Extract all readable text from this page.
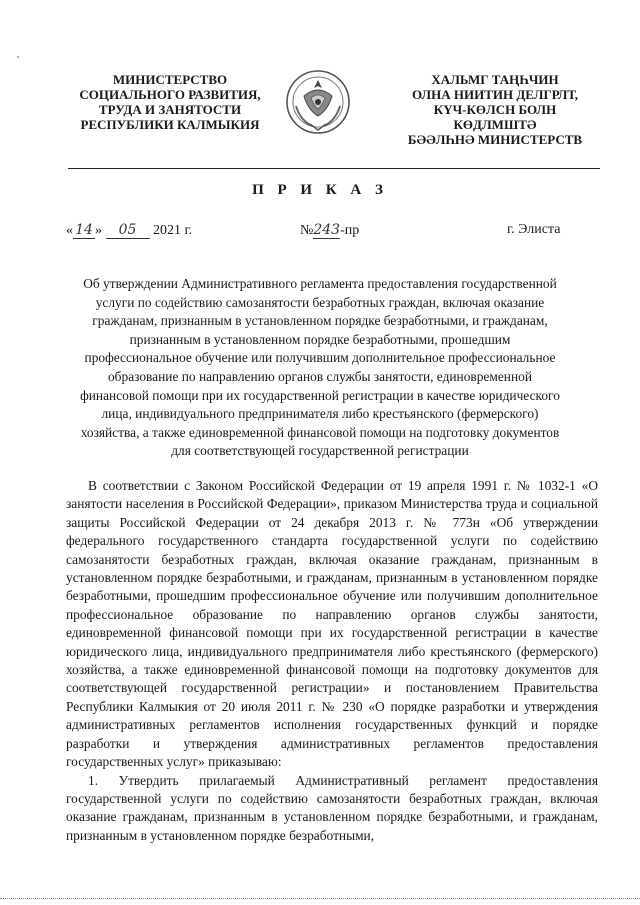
МИНИСТЕРСТВО
СОЦИАЛЬНОГО РАЗВИТИЯ,
ТРУДА И ЗАНЯТОСТИ
РЕСПУБЛИКИ КАЛМЫКИЯ
ХАЛЬМГ ТАҢҺЧИН
ОЛНА НИИТИН ДЕЛГРЛТ,
КҮЧ-КӨЛСН БОЛН
КӨДЛМШТӘ
БӘӘЛҺНӘ МИНИСТЕРСТВ
П Р И К А З
« 14 » 05 2021 г.	№243-пр	г. Элиста
Об утверждении Административного регламента предоставления государственной услуги по содействию самозанятости безработных граждан, включая оказание гражданам, признанным в установленном порядке безработными, и гражданам, признанным в установленном порядке безработными, прошедшим профессиональное обучение или получившим дополнительное профессиональное образование по направлению органов службы занятости, единовременной финансовой помощи при их государственной регистрации в качестве юридического лица, индивидуального предпринимателя либо крестьянского (фермерского) хозяйства, а также единовременной финансовой помощи на подготовку документов для соответствующей государственной регистрации

В соответствии с Законом Российской Федерации от 19 апреля 1991 г. № 1032-1 «О занятости населения в Российской Федерации», приказом Министерства труда и социальной защиты Российской Федерации от 24 декабря 2013 г. № 773н «Об утверждении федерального государственного стандарта государственной услуги по содействию самозанятости безработных граждан, включая оказание гражданам, признанным в установленном порядке безработными, и гражданам, признанным в установленном порядке безработными, прошедшим профессиональное обучение или получившим дополнительное профессиональное образование по направлению органов службы занятости, единовременной финансовой помощи при их государственной регистрации в качестве юридического лица, индивидуального предпринимателя либо крестьянского (фермерского) хозяйства, а также единовременной финансовой помощи на подготовку документов для соответствующей государственной регистрации» и постановлением Правительства Республики Калмыкия от 20 июля 2011 г. № 230 «О порядке разработки и утверждения административных регламентов исполнения государственных функций и порядке разработки и утверждения административных регламентов предоставления государственных услуг» приказываю:

1. Утвердить прилагаемый Административный регламент предоставления государственной услуги по содействию самозанятости безработных граждан, включая оказание гражданам, признанным в установленном порядке безработными, и гражданам, признанным в установленном порядке безработными,
